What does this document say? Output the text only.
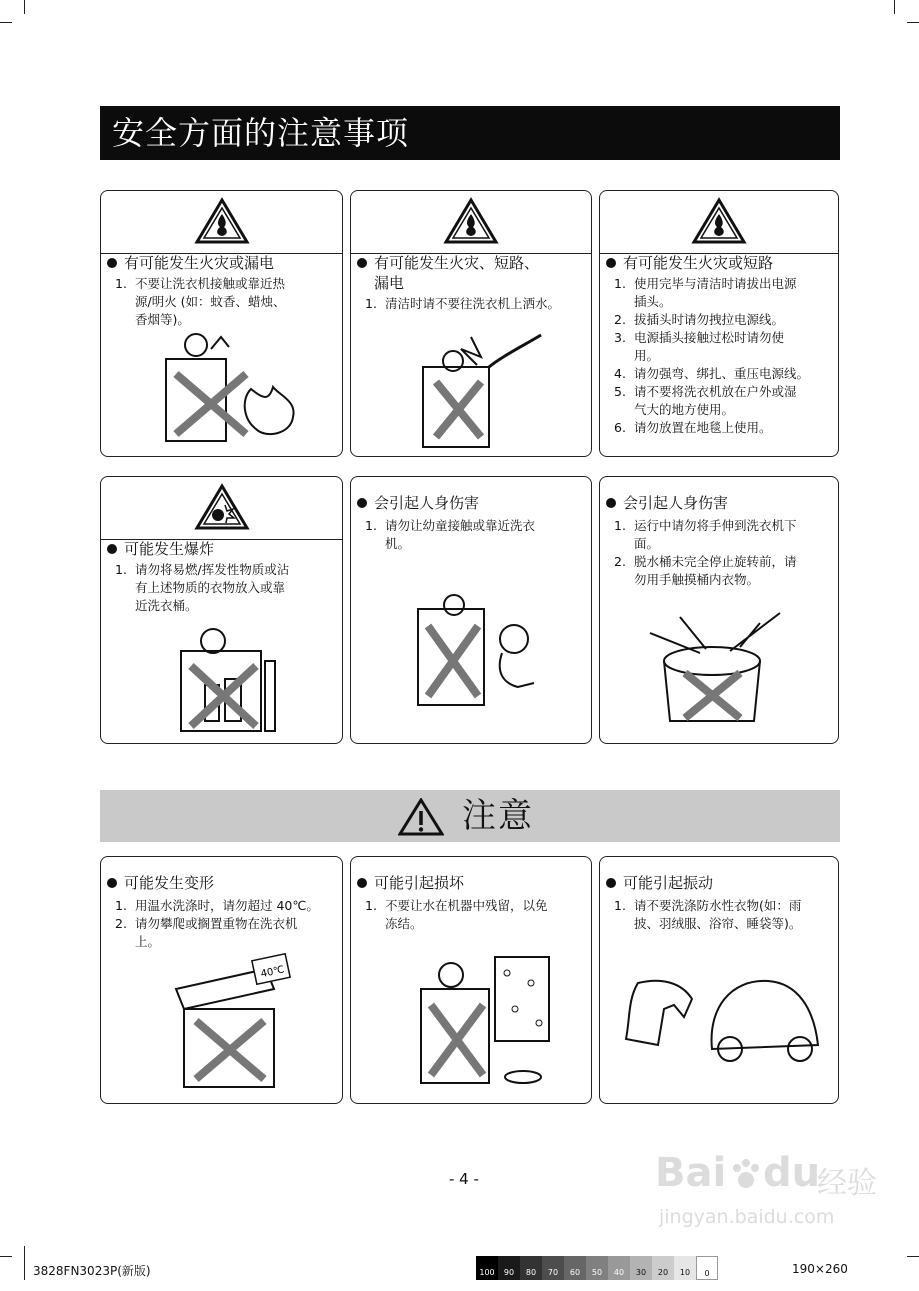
安全方面的注意事项
有可能发生火灾或漏电
1. 不要让洗衣机接触或靠近热
源/明火 (如：蚊香、蜡烛、
香烟等)。
有可能发生火灾、短路、
漏电
1. 清洁时请不要往洗衣机上洒水。
有可能发生火灾或短路
1. 使用完毕与清洁时请拔出电源
插头。
2. 拔插头时请勿拽拉电源线。
3. 电源插头接触过松时请勿使
用。
4. 请勿强弯、绑扎、重压电源线。
5. 请不要将洗衣机放在户外或湿
气大的地方使用。
6. 请勿放置在地毯上使用。
可能发生爆炸
1. 请勿将易燃/挥发性物质或沾
有上述物质的衣物放入或靠
近洗衣桶。
会引起人身伤害
1. 请勿让幼童接触或靠近洗衣
机。
会引起人身伤害
1. 运行中请勿将手伸到洗衣机下
面。
2. 脱水桶未完全停止旋转前，请
勿用手触摸桶内衣物。
注意
可能发生变形
1. 用温水洗涤时，请勿超过 40℃。
2. 请勿攀爬或搁置重物在洗衣机
上。
40℃
可能引起损坏
1. 不要让水在机器中残留，以免
冻结。
可能引起振动
1. 请不要洗涤防水性衣物(如：雨
披、羽绒服、浴帘、睡袋等)。
- 4 -
3828FN3023P(新版)	100	90	80	70	60	50	40	30	20	10	0	190×260
Bai du
经验
jingyan.baidu.com
